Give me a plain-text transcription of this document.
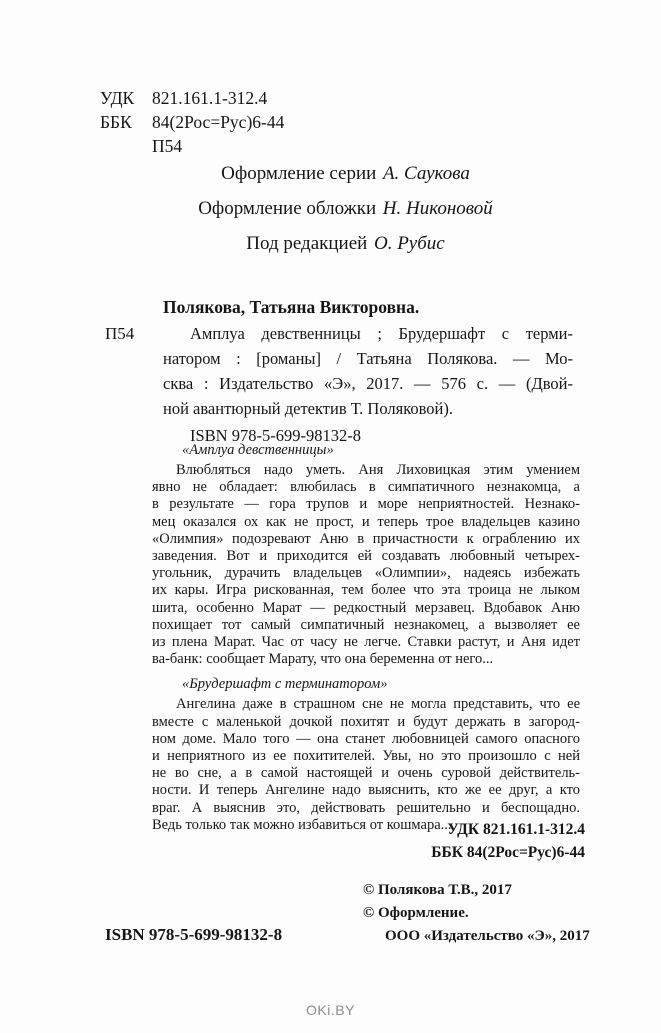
УДК	821.161.1-312.4
ББК	84(2Рос=Рус)6-44
П54
Оформление серии А. Саукова
Оформление обложки Н. Никоновой
Под редакцией О. Рубис
Полякова, Татьяна Викторовна.
П54	Амплуа девственницы ; Брудершафт с терми-
натором : [романы] / Татьяна Полякова. — Мо-
сква : Издательство «Э», 2017. — 576 с. — (Двой-
ной авантюрный детектив Т. Поляковой).
ISBN 978-5-699-98132-8
«Амплуа девственницы»
Влюбляться надо уметь. Аня Лиховицкая этим умением
явно не обладает: влюбилась в симпатичного незнакомца, а
в результате — гора трупов и море неприятностей. Незнако-
мец оказался ох как не прост, и теперь трое владельцев казино
«Олимпия» подозревают Аню в причастности к ограблению их
заведения. Вот и приходится ей создавать любовный четырех-
угольник, дурачить владельцев «Олимпии», надеясь избежать
их кары. Игра рискованная, тем более что эта троица не лыком
шита, особенно Марат — редкостный мерзавец. Вдобавок Аню
похищает тот самый симпатичный незнакомец, а вызволяет ее
из плена Марат. Час от часу не легче. Ставки растут, и Аня идет
ва-банк: сообщает Марату, что она беременна от него...
«Брудершафт с терминатором»
Ангелина даже в страшном сне не могла представить, что ее
вместе с маленькой дочкой похитят и будут держать в загород-
ном доме. Мало того — она станет любовницей самого опасного
и неприятного из ее похитителей. Увы, но это произошло с ней
не во сне, а в самой настоящей и очень суровой действитель-
ности. И теперь Ангелине надо выяснить, кто же ее друг, а кто
враг. А выяснив это, действовать решительно и беспощадно.
Ведь только так можно избавиться от кошмара...
УДК 821.161.1-312.4
ББК 84(2Рос=Рус)6-44
© Полякова Т.В., 2017
© Оформление.
ООО «Издательство «Э», 2017
ISBN 978-5-699-98132-8
OKi.BY
